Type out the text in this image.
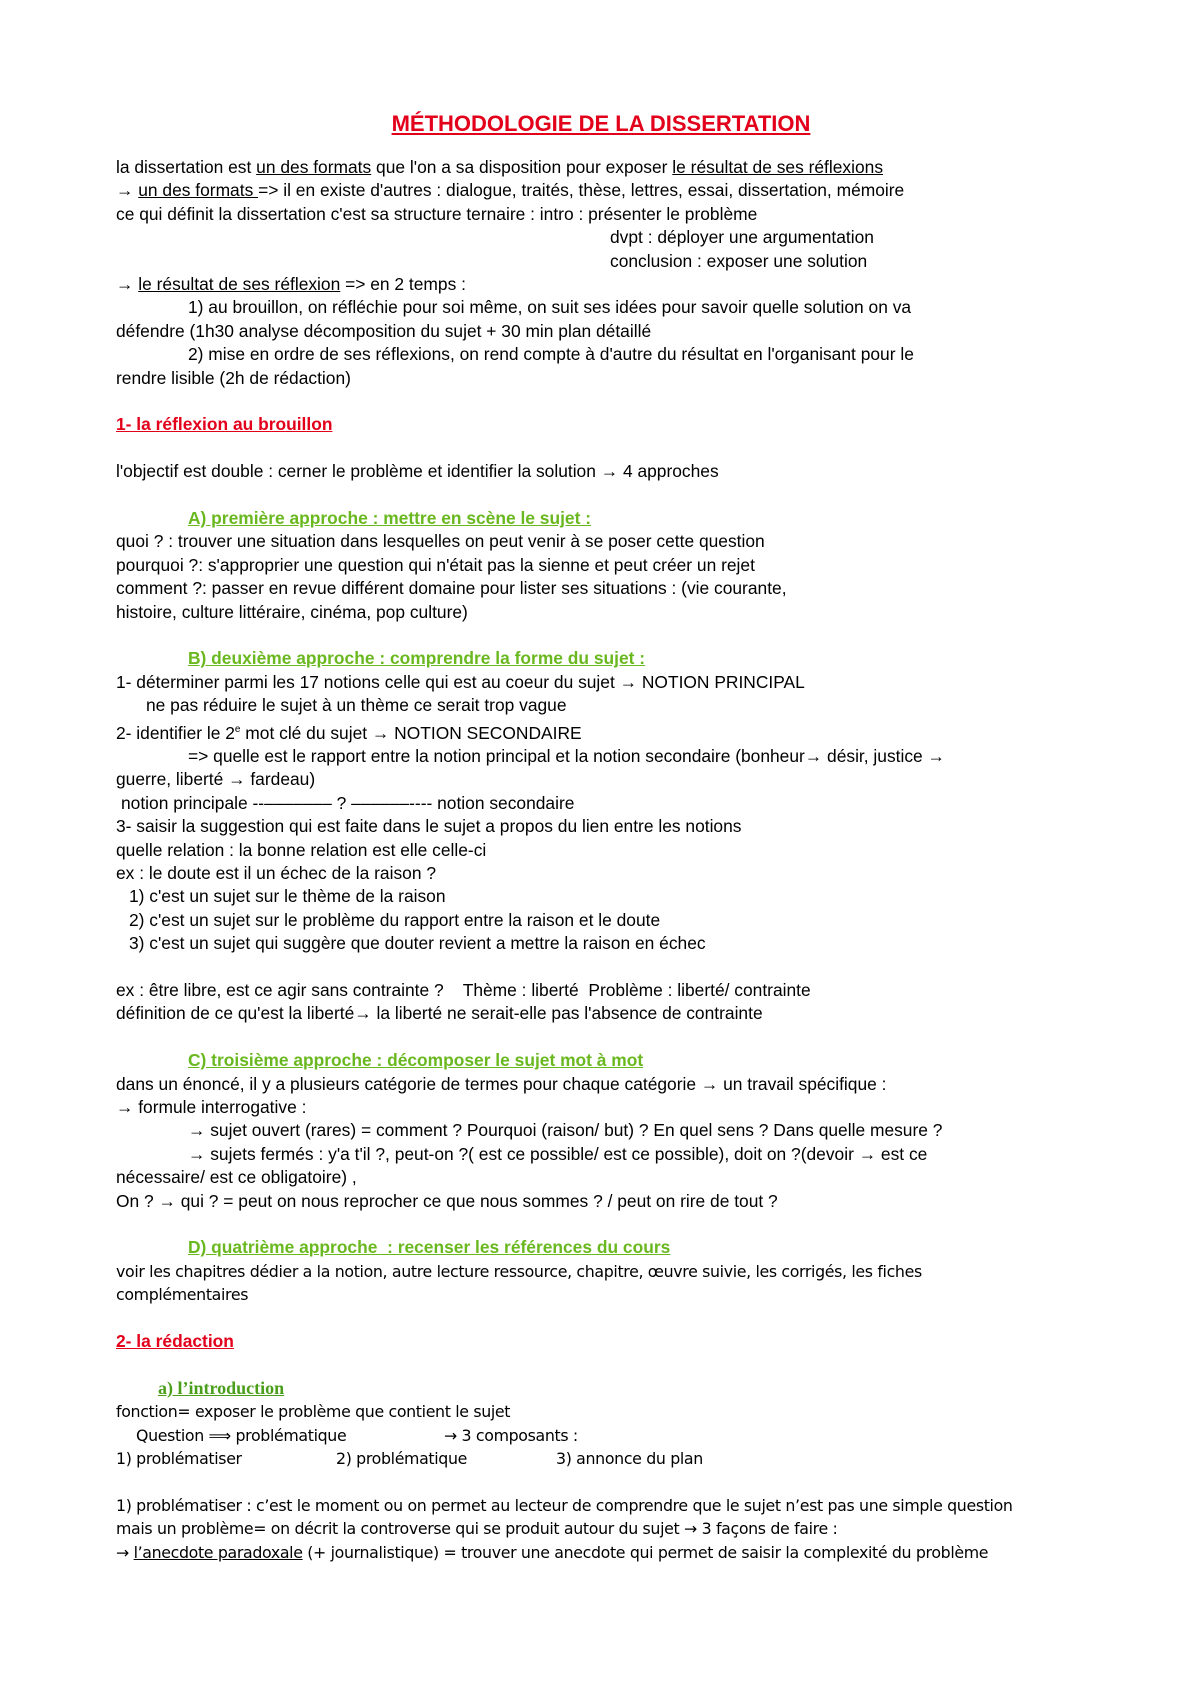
MÉTHODOLOGIE DE LA DISSERTATION
la dissertation est un des formats que l'on a sa disposition pour exposer le résultat de ses réflexions
→ un des formats => il en existe d'autres : dialogue, traités, thèse, lettres, essai, dissertation, mémoire
ce qui définit la dissertation c'est sa structure ternaire : intro : présenter le problème
dvpt : déployer une argumentation
conclusion : exposer une solution
→ le résultat de ses réflexion => en 2 temps :
1) au brouillon, on réfléchie pour soi même, on suit ses idées pour savoir quelle solution on va
défendre (1h30 analyse décomposition du sujet + 30 min plan détaillé
2) mise en ordre de ses réflexions, on rend compte à d'autre du résultat en l'organisant pour le
rendre lisible (2h de rédaction)
1- la réflexion au brouillon
l'objectif est double : cerner le problème et identifier la solution → 4 approches
A) première approche : mettre en scène le sujet :
quoi ? : trouver une situation dans lesquelles on peut venir à se poser cette question
pourquoi ?: s'approprier une question qui n'était pas la sienne et peut créer un rejet
comment ?: passer en revue différent domaine pour lister ses situations : (vie courante,
histoire, culture littéraire, cinéma, pop culture)
B) deuxième approche : comprendre la forme du sujet :
1- déterminer parmi les 17 notions celle qui est au coeur du sujet → NOTION PRINCIPAL
ne pas réduire le sujet à un thème ce serait trop vague
2- identifier le 2e mot clé du sujet → NOTION SECONDAIRE
=> quelle est le rapport entre la notion principal et la notion secondaire (bonheur→ désir, justice →
guerre, liberté → fardeau)
notion principale --––––––– ? ––––––---- notion secondaire
3- saisir la suggestion qui est faite dans le sujet a propos du lien entre les notions
quelle relation : la bonne relation est elle celle-ci
ex : le doute est il un échec de la raison ?
1) c'est un sujet sur le thème de la raison
2) c'est un sujet sur le problème du rapport entre la raison et le doute
3) c'est un sujet qui suggère que douter revient a mettre la raison en échec
ex : être libre, est ce agir sans contrainte ?    Thème : liberté  Problème : liberté/ contrainte
définition de ce qu'est la liberté→ la liberté ne serait-elle pas l'absence de contrainte
C) troisième approche : décomposer le sujet mot à mot
dans un énoncé, il y a plusieurs catégorie de termes pour chaque catégorie → un travail spécifique :
→ formule interrogative :
→ sujet ouvert (rares) = comment ? Pourquoi (raison/ but) ? En quel sens ? Dans quelle mesure ?
→ sujets fermés : y'a t'il ?, peut-on ?( est ce possible/ est ce possible), doit on ?(devoir → est ce
nécessaire/ est ce obligatoire) ,
On ? → qui ? = peut on nous reprocher ce que nous sommes ? / peut on rire de tout ?
D) quatrième approche  : recenser les références du cours
voir les chapitres dédier a la notion, autre lecture ressource, chapitre, œuvre suivie, les corrigés, les fiches
complémentaires
2- la rédaction
a) l’introduction
fonction= exposer le problème que contient le sujet
Question ⟹ problématique	→ 3 composants :
1) problématiser	2) problématique	3) annonce du plan
1) problématiser : c’est le moment ou on permet au lecteur de comprendre que le sujet n’est pas une simple question
mais un problème= on décrit la controverse qui se produit autour du sujet → 3 façons de faire :
→ l’anecdote paradoxale (+ journalistique) = trouver une anecdote qui permet de saisir la complexité du problème
